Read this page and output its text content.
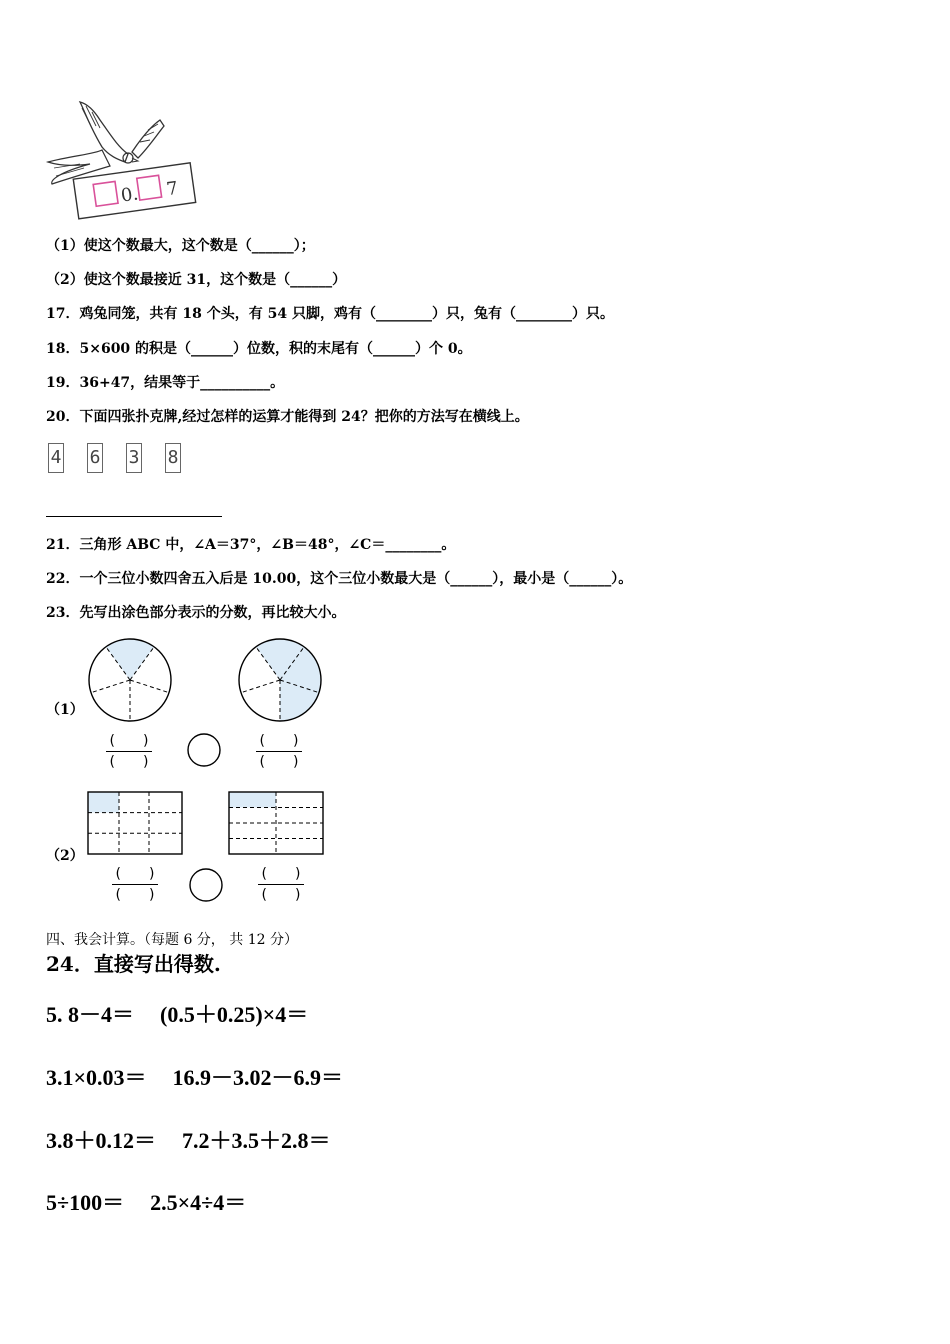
0. 7
（1）使这个数最大，这个数是（______）；
（2）使这个数最接近 31，这个数是（______）
17．鸡兔同笼，共有 18 个头，有 54 只脚，鸡有（________）只，兔有（________）只。
18．5×600 的积是（______）位数，积的末尾有（______）个 0。
19．36+47，结果等于__________。
20．下面四张扑克牌,经过怎样的运算才能得到 24？把你的方法写在横线上。
4 6 3 8
21．三角形 ABC 中，∠A＝37°，∠B＝48°，∠C＝________。
22．一个三位小数四舍五入后是 10.00，这个三位小数最大是（______），最小是（______）。
23．先写出涂色部分表示的分数，再比较大小。
（1）
(　　)
(　　)
(　　)
(　　)
（2）
(　　)
(　　)
(　　)
(　　)
四、我会计算。（每题 6 分， 共 12 分）
24．直接写出得数.
5. 8－4＝ (0.5＋0.25)×4＝
3.1×0.03＝ 16.9－3.02－6.9＝
3.8＋0.12＝ 7.2＋3.5＋2.8＝
5÷100＝ 2.5×4÷4＝
